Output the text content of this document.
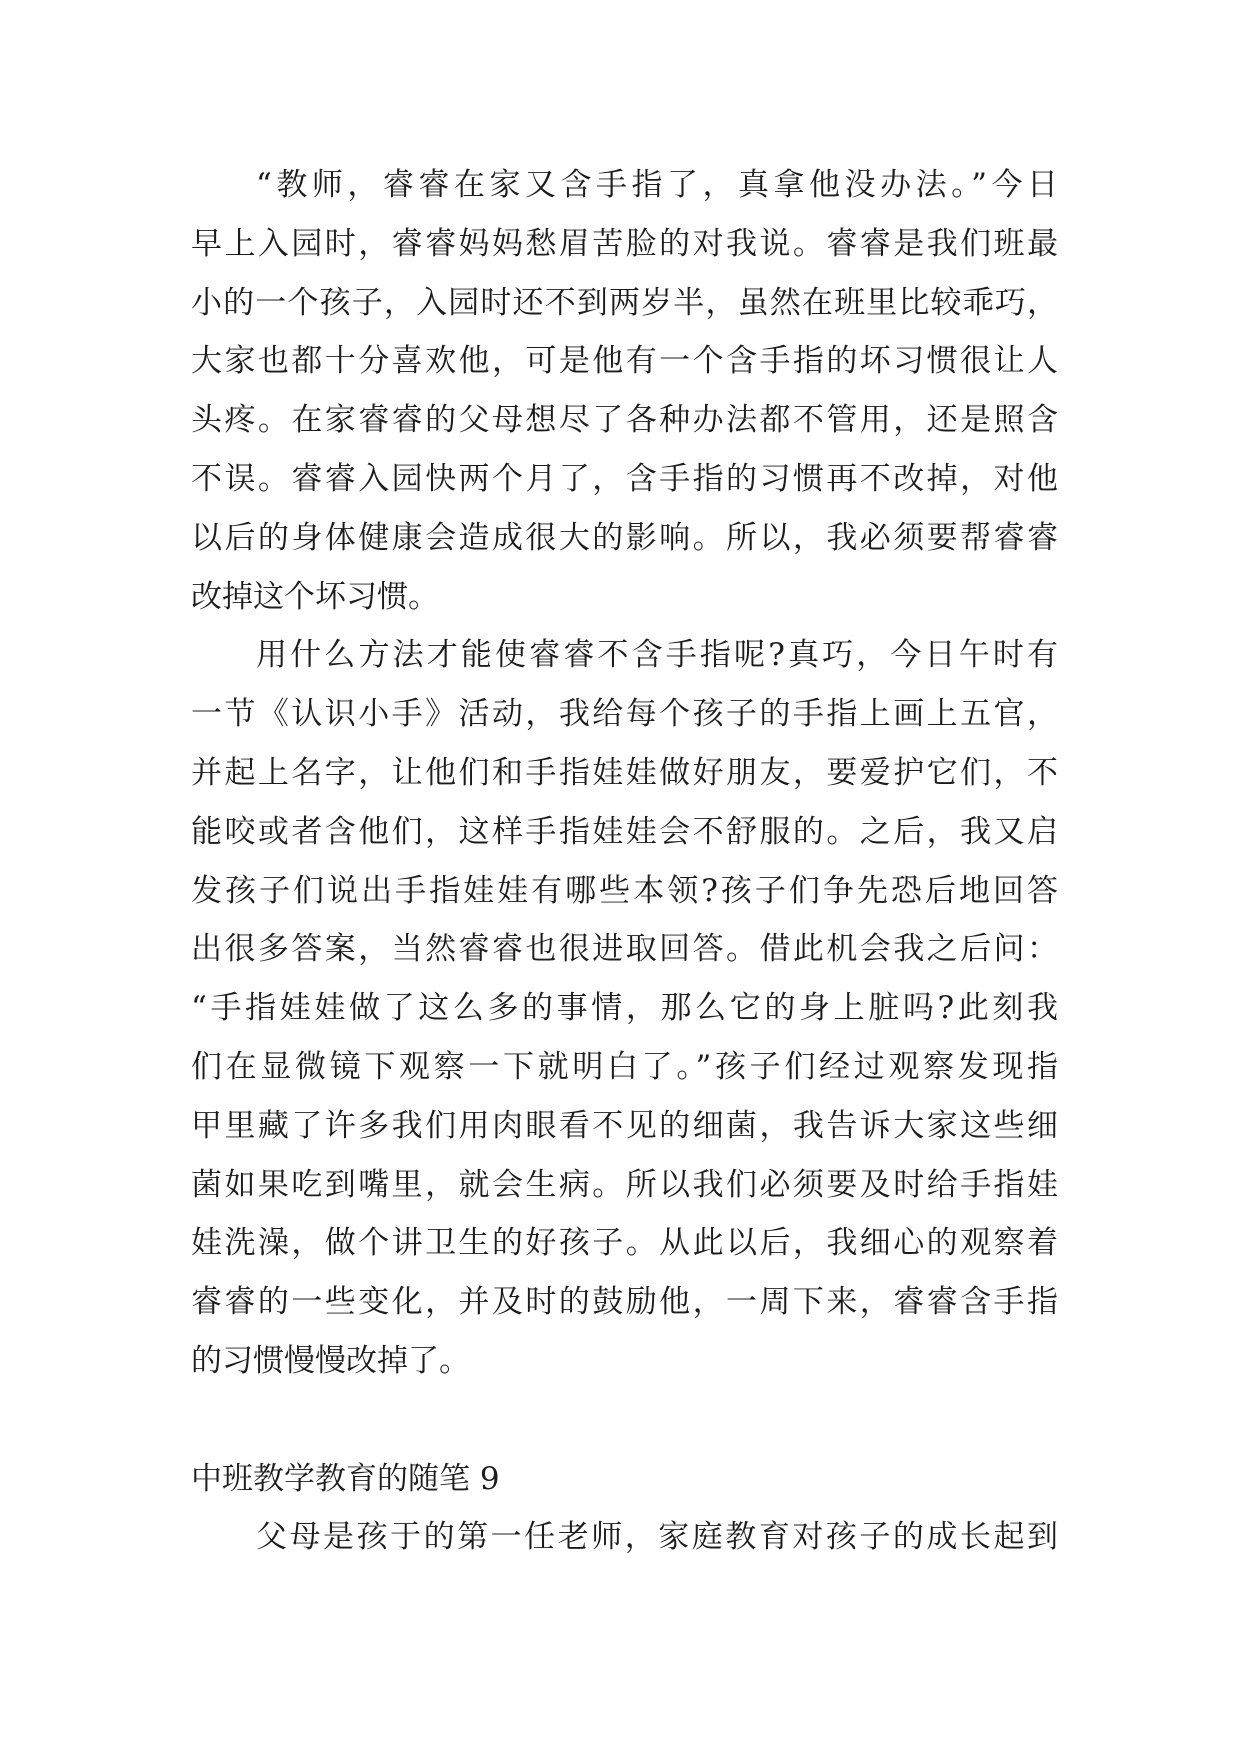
“教师，睿睿在家又含手指了，真拿他没办法。”今日
早上入园时，睿睿妈妈愁眉苦脸的对我说。睿睿是我们班最
小的一个孩子，入园时还不到两岁半，虽然在班里比较乖巧，
大家也都十分喜欢他，可是他有一个含手指的坏习惯很让人
头疼。在家睿睿的父母想尽了各种办法都不管用，还是照含
不误。睿睿入园快两个月了，含手指的习惯再不改掉，对他
以后的身体健康会造成很大的影响。所以，我必须要帮睿睿
改掉这个坏习惯。
用什么方法才能使睿睿不含手指呢?真巧，今日午时有
一节《认识小手》活动，我给每个孩子的手指上画上五官，
并起上名字，让他们和手指娃娃做好朋友，要爱护它们，不
能咬或者含他们，这样手指娃娃会不舒服的。之后，我又启
发孩子们说出手指娃娃有哪些本领?孩子们争先恐后地回答
出很多答案，当然睿睿也很进取回答。借此机会我之后问：
“手指娃娃做了这么多的事情，那么它的身上脏吗?此刻我
们在显微镜下观察一下就明白了。”孩子们经过观察发现指
甲里藏了许多我们用肉眼看不见的细菌，我告诉大家这些细
菌如果吃到嘴里，就会生病。所以我们必须要及时给手指娃
娃洗澡，做个讲卫生的好孩子。从此以后，我细心的观察着
睿睿的一些变化，并及时的鼓励他，一周下来，睿睿含手指
的习惯慢慢改掉了。
中班教学教育的随笔 9
父母是孩于的第一任老师，家庭教育对孩子的成长起到
